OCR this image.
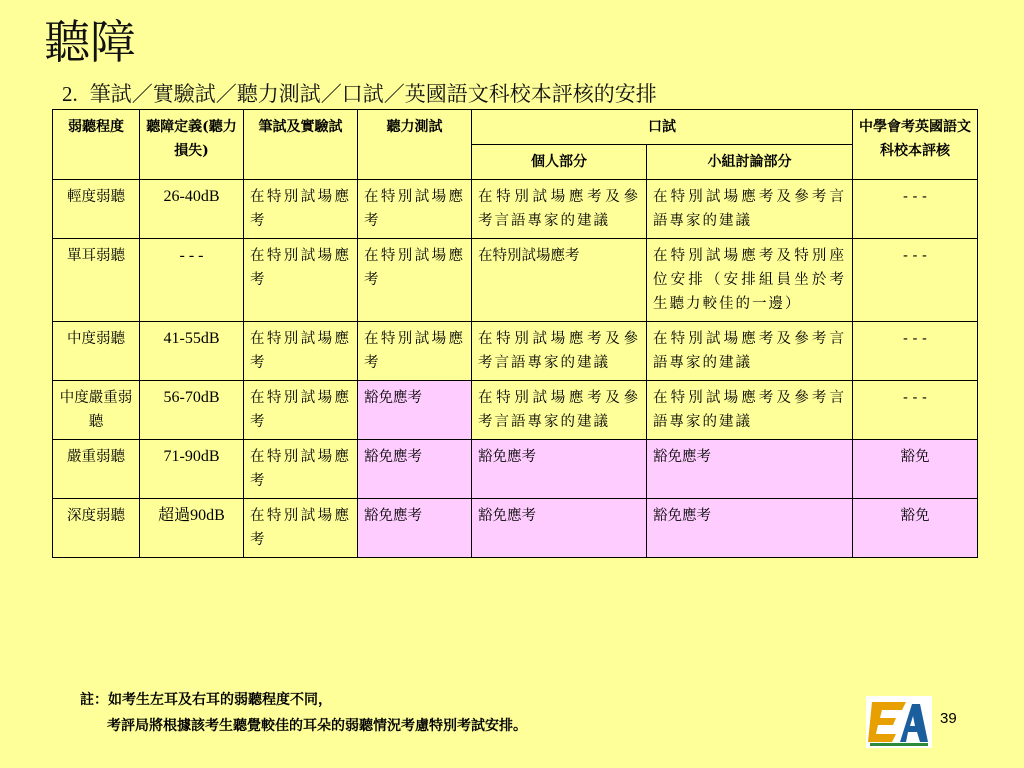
聽障
2. 筆試／實驗試／聽力測試／口試／英國語文科校本評核的安排
弱聽程度	聽障定義(聽力損失)	筆試及實驗試	聽力測試	口試		中學會考英國語文科校本評核
				個人部分	小組討論部分	
輕度弱聽	26-40dB	在特別試場應考	在特別試場應考	在特別試場應考及參考言語專家的建議	在特別試場應考及參考言語專家的建議	- - -
單耳弱聽	- - -	在特別試場應考	在特別試場應考	在特別試場應考	在特別試場應考及特別座位安排（安排組員坐於考生聽力較佳的一邊）	- - -
中度弱聽	41-55dB	在特別試場應考	在特別試場應考	在特別試場應考及參考言語專家的建議	在特別試場應考及參考言語專家的建議	- - -
中度嚴重弱聽	56-70dB	在特別試場應考	豁免應考	在特別試場應考及參考言語專家的建議	在特別試場應考及參考言語專家的建議	- - -
嚴重弱聽	71-90dB	在特別試場應考	豁免應考	豁免應考	豁免應考	豁免
深度弱聽	超過90dB	在特別試場應考	豁免應考	豁免應考	豁免應考	豁免
註：如考生左耳及右耳的弱聽程度不同，
考評局將根據該考生聽覺較佳的耳朵的弱聽情況考慮特別考試安排。	39
